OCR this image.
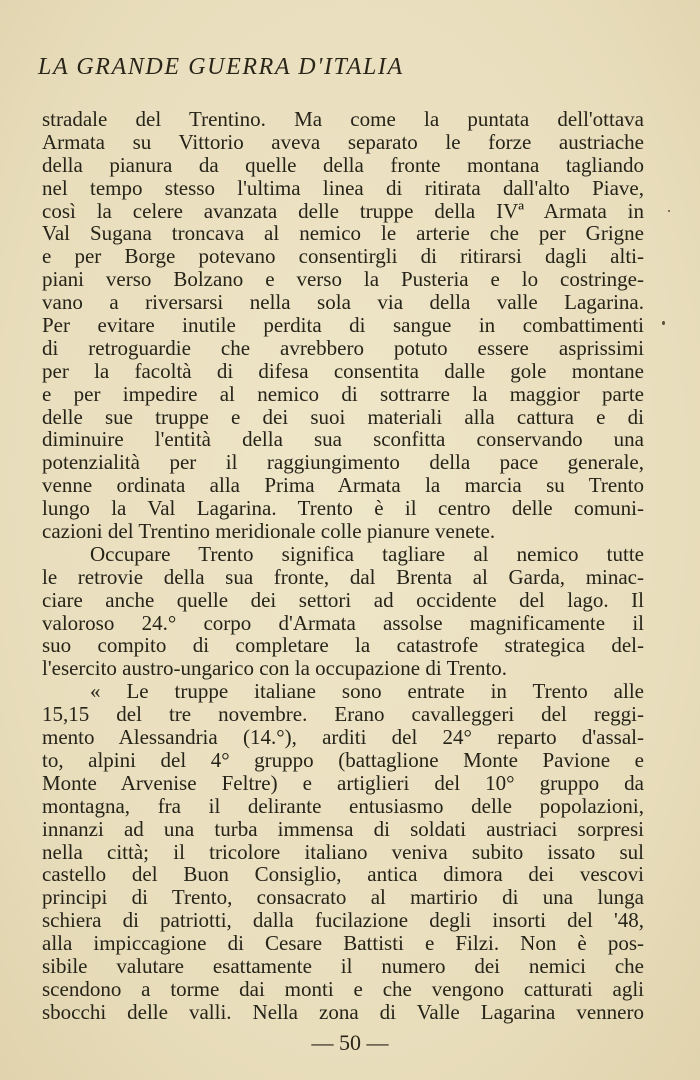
LA GRANDE GUERRA D'ITALIA
stradale del Trentino. Ma come la puntata dell'ottava
Armata su Vittorio aveva separato le forze austriache
della pianura da quelle della fronte montana tagliando
nel tempo stesso l'ultima linea di ritirata dall'alto Piave,
così la celere avanzata delle truppe della IVª Armata in
Val Sugana troncava al nemico le arterie che per Grigne
e per Borge potevano consentirgli di ritirarsi dagli alti-
piani verso Bolzano e verso la Pusteria e lo costringe-
vano a riversarsi nella sola via della valle Lagarina.
Per evitare inutile perdita di sangue in combattimenti
di retroguardie che avrebbero potuto essere asprissimi
per la facoltà di difesa consentita dalle gole montane
e per impedire al nemico di sottrarre la maggior parte
delle sue truppe e dei suoi materiali alla cattura e di
diminuire l'entità della sua sconfitta conservando una
potenzialità per il raggiungimento della pace generale,
venne ordinata alla Prima Armata la marcia su Trento
lungo la Val Lagarina. Trento è il centro delle comuni-
cazioni del Trentino meridionale colle pianure venete.
Occupare Trento significa tagliare al nemico tutte
le retrovie della sua fronte, dal Brenta al Garda, minac-
ciare anche quelle dei settori ad occidente del lago. Il
valoroso 24.° corpo d'Armata assolse magnificamente il
suo compito di completare la catastrofe strategica del-
l'esercito austro-ungarico con la occupazione di Trento.
« Le truppe italiane sono entrate in Trento alle
15,15 del tre novembre. Erano cavalleggeri del reggi-
mento Alessandria (14.°), arditi del 24° reparto d'assal-
to, alpini del 4° gruppo (battaglione Monte Pavione e
Monte Arvenise Feltre) e artiglieri del 10° gruppo da
montagna, fra il delirante entusiasmo delle popolazioni,
innanzi ad una turba immensa di soldati austriaci sorpresi
nella città; il tricolore italiano veniva subito issato sul
castello del Buon Consiglio, antica dimora dei vescovi
principi di Trento, consacrato al martirio di una lunga
schiera di patriotti, dalla fucilazione degli insorti del '48,
alla impiccagione di Cesare Battisti e Filzi. Non è pos-
sibile valutare esattamente il numero dei nemici che
scendono a torme dai monti e che vengono catturati agli
sbocchi delle valli. Nella zona di Valle Lagarina vennero
— 50 —
